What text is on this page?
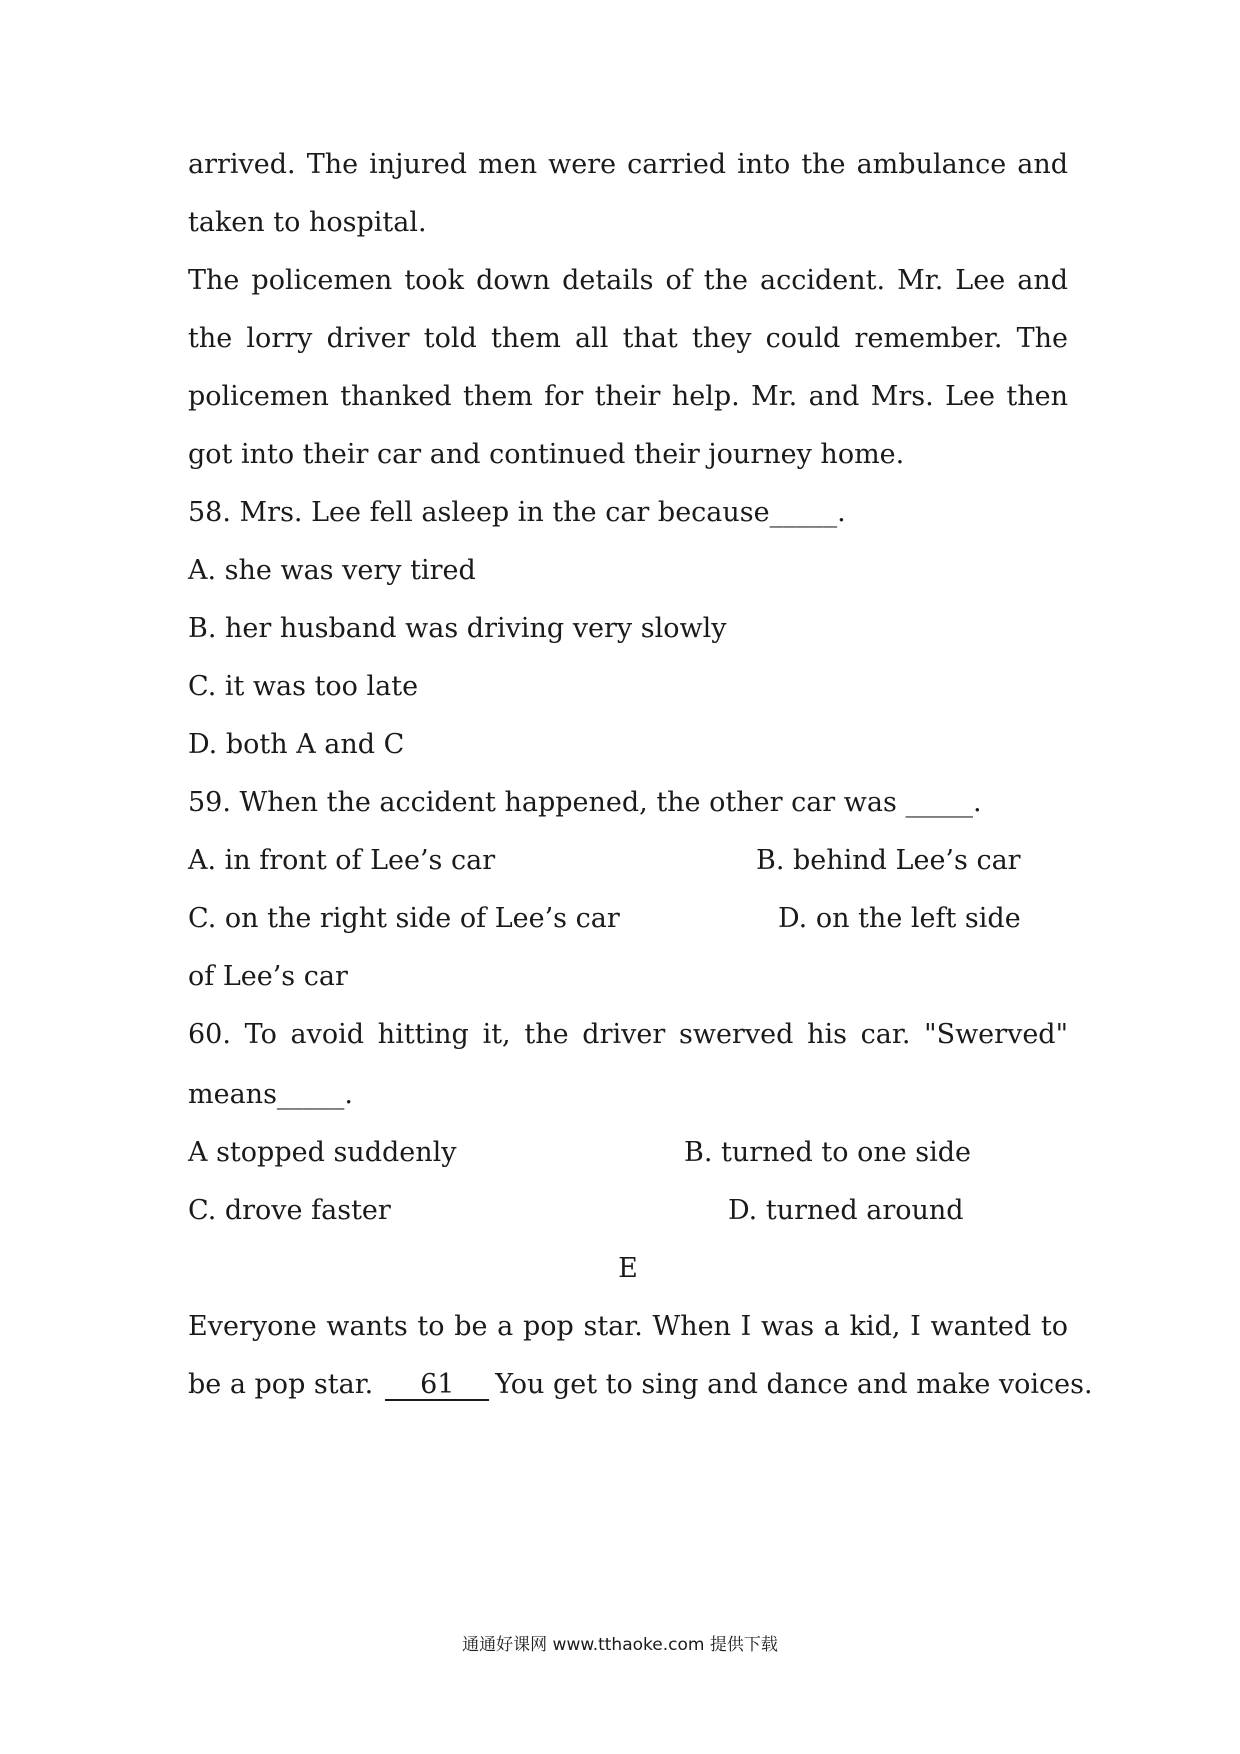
arrived. The injured men were carried into the ambulance and
taken to hospital.
The policemen took down details of the accident. Mr. Lee and
the lorry driver told them all that they could remember. The
policemen thanked them for their help. Mr. and Mrs. Lee then
got into their car and continued their journey home.
58. Mrs. Lee fell asleep in the car because_____.
A. she was very tired
B. her husband was driving very slowly
C. it was too late
D. both A and C
59. When the accident happened, the other car was _____.
A. in front of Lee’s car	B. behind Lee’s car
C. on the right side of Lee’s car	D. on the left side
of Lee’s car
60. To avoid hitting it, the driver swerved his car. "Swerved"
means_____.
A stopped suddenly	B. turned to one side
C. drove faster	D. turned around
E
Everyone wants to be a pop star. When I was a kid, I wanted to
be a pop star. 61 You get to sing and dance and make voices.
通通好课网 www.tthaoke.com 提供下载
